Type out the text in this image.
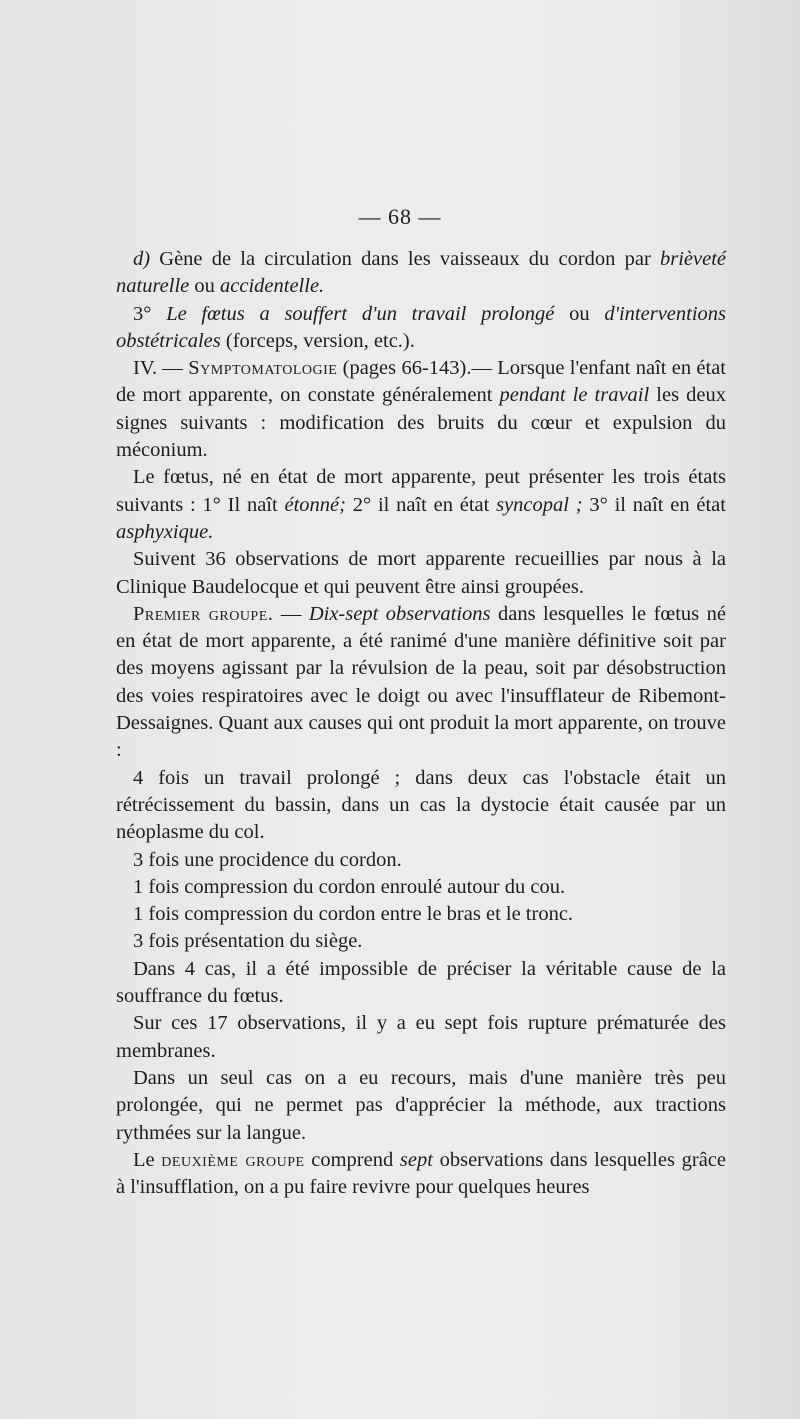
— 68 —

d) Gène de la circulation dans les vaisseaux du cordon par brièveté naturelle ou accidentelle.

3° Le fœtus a souffert d'un travail prolongé ou d'interventions obstétricales (forceps, version, etc.).

IV. — Symptomatologie (pages 66-143).— Lorsque l'enfant naît en état de mort apparente, on constate généralement pendant le travail les deux signes suivants : modification des bruits du cœur et expulsion du méconium.

Le fœtus, né en état de mort apparente, peut présenter les trois états suivants : 1° Il naît étonné; 2° il naît en état syncopal ; 3° il naît en état asphyxique.

Suivent 36 observations de mort apparente recueillies par nous à la Clinique Baudelocque et qui peuvent être ainsi groupées.

Premier groupe. — Dix-sept observations dans lesquelles le fœtus né en état de mort apparente, a été ranimé d'une manière définitive soit par des moyens agissant par la révulsion de la peau, soit par désobstruction des voies respiratoires avec le doigt ou avec l'insufflateur de Ribemont-Dessaignes. Quant aux causes qui ont produit la mort apparente, on trouve :

4 fois un travail prolongé ; dans deux cas l'obstacle était un rétrécissement du bassin, dans un cas la dystocie était causée par un néoplasme du col.

3 fois une procidence du cordon.

1 fois compression du cordon enroulé autour du cou.

1 fois compression du cordon entre le bras et le tronc.

3 fois présentation du siège.

Dans 4 cas, il a été impossible de préciser la véritable cause de la souffrance du fœtus.

Sur ces 17 observations, il y a eu sept fois rupture prématurée des membranes.

Dans un seul cas on a eu recours, mais d'une manière très peu prolongée, qui ne permet pas d'apprécier la méthode, aux tractions rythmées sur la langue.

Le deuxième groupe comprend sept observations dans lesquelles grâce à l'insufflation, on a pu faire revivre pour quelques heures
